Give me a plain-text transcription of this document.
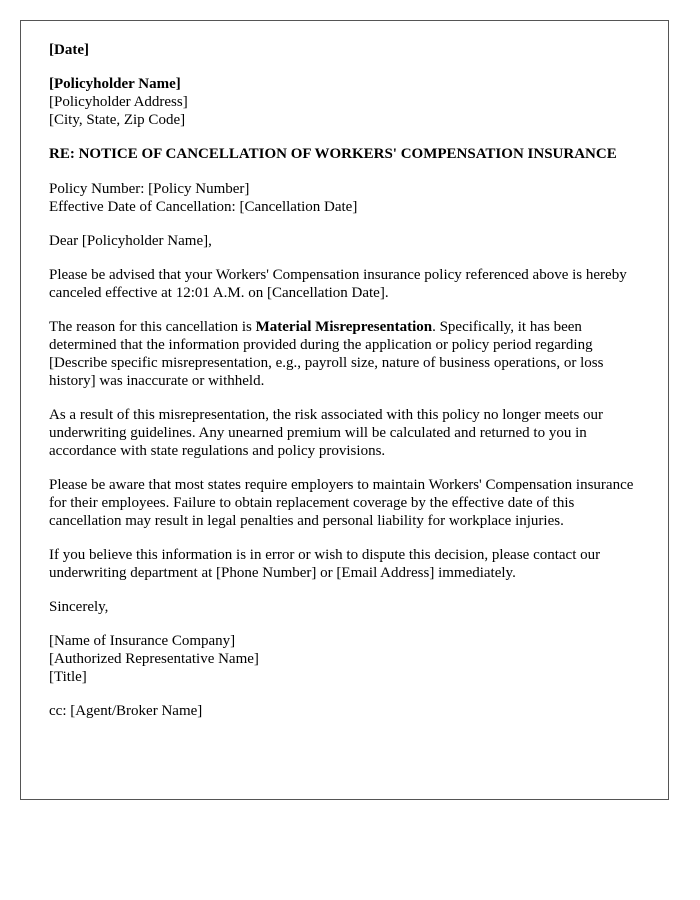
[Date]

[Policyholder Name]
[Policyholder Address]
[City, State, Zip Code]

RE: NOTICE OF CANCELLATION OF WORKERS' COMPENSATION INSURANCE

Policy Number: [Policy Number]
Effective Date of Cancellation: [Cancellation Date]

Dear [Policyholder Name],

Please be advised that your Workers' Compensation insurance policy referenced above is hereby canceled effective at 12:01 A.M. on [Cancellation Date].

The reason for this cancellation is Material Misrepresentation. Specifically, it has been determined that the information provided during the application or policy period regarding [Describe specific misrepresentation, e.g., payroll size, nature of business operations, or loss history] was inaccurate or withheld.

As a result of this misrepresentation, the risk associated with this policy no longer meets our underwriting guidelines. Any unearned premium will be calculated and returned to you in accordance with state regulations and policy provisions.

Please be aware that most states require employers to maintain Workers' Compensation insurance for their employees. Failure to obtain replacement coverage by the effective date of this cancellation may result in legal penalties and personal liability for workplace injuries.

If you believe this information is in error or wish to dispute this decision, please contact our underwriting department at [Phone Number] or [Email Address] immediately.

Sincerely,

[Name of Insurance Company]
[Authorized Representative Name]
[Title]

cc: [Agent/Broker Name]
